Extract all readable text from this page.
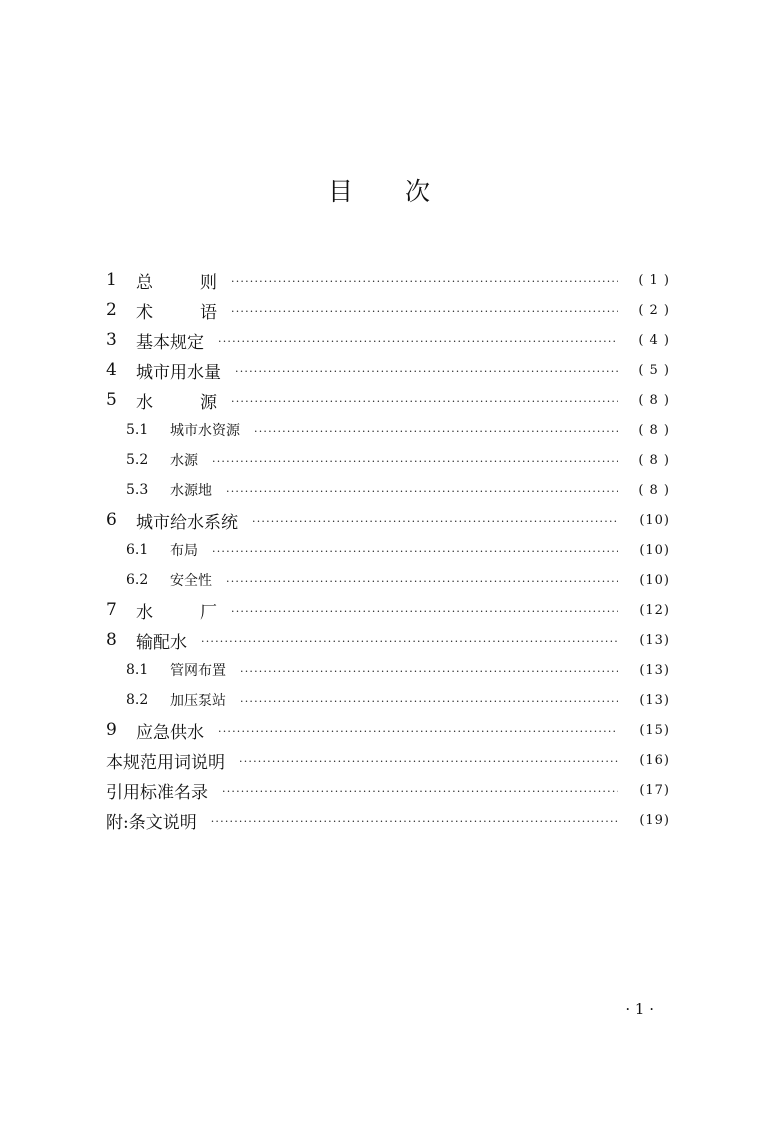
目 次
1	总	则 ·····	( 1 )
2	术	语 ·····	( 2 )
3	基本规定 ·····	( 4 )
4	城市用水量 ·····	( 5 )
5	水	源 ·····	( 8 )
5.1	城市水资源 ·····	( 8 )
5.2	水源 ·····	( 8 )
5.3	水源地 ·····	( 8 )
6	城市给水系统 ·····	(10)
6.1	布局 ·····	(10)
6.2	安全性 ·····	(10)
7	水	厂 ·····	(12)
8	输配水 ·····	(13)
8.1	管网布置 ·····	(13)
8.2	加压泵站 ·····	(13)
9	应急供水 ·····	(15)
本规范用词说明 ·····	(16)
引用标准名录 ·····	(17)
附:条文说明 ·····	(19)
· 1 ·
